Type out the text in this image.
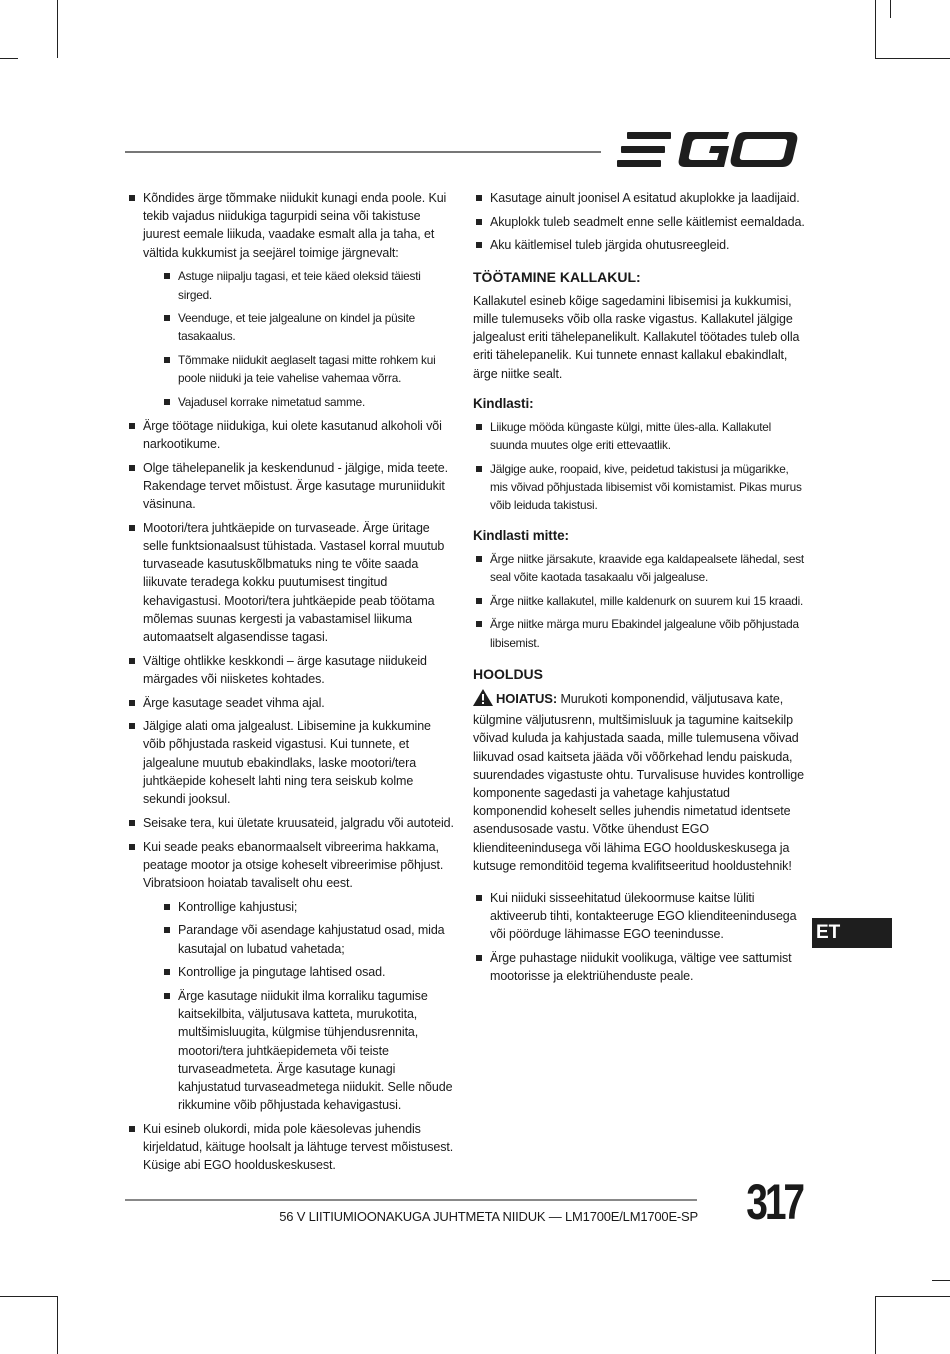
Kõndides ärge tõmmake niidukit kunagi enda poole. Kui tekib vajadus niidukiga tagurpidi seina või takistuse juurest eemale liikuda, vaadake esmalt alla ja taha, et vältida kukkumist ja seejärel toimige järgnevalt:
Astuge niipalju tagasi, et teie käed oleksid täiesti sirged.
Veenduge, et teie jalgealune on kindel ja püsite tasakaalus.
Tõmmake niidukit aeglaselt tagasi mitte rohkem kui poole niiduki ja teie vahelise vahemaa võrra.
Vajadusel korrake nimetatud samme.
Ärge töötage niidukiga, kui olete kasutanud alkoholi või narkootikume.
Olge tähelepanelik ja keskendunud - jälgige, mida teete. Rakendage tervet mõistust. Ärge kasutage muruniidukit väsinuna.
Mootori/tera juhtkäepide on turvaseade. Ärge üritage selle funktsionaalsust tühistada. Vastasel korral muutub turvaseade kasutuskõlbmatuks ning te võite saada liikuvate teradega kokku puutumisest tingitud kehavigastusi. Mootori/tera juhtkäepide peab töötama mõlemas suunas kergesti ja vabastamisel liikuma automaatselt algasendisse tagasi.
Vältige ohtlikke keskkondi – ärge kasutage niidukeid märgades või niisketes kohtades.
Ärge kasutage seadet vihma ajal.
Jälgige alati oma jalgealust. Libisemine ja kukkumine võib põhjustada raskeid vigastusi. Kui tunnete, et jalgealune muutub ebakindlaks, laske mootori/tera juhtkäepide koheselt lahti ning tera seiskub kolme sekundi jooksul.
Seisake tera, kui ületate kruusateid, jalgradu või autoteid.
Kui seade peaks ebanormaalselt vibreerima hakkama, peatage mootor ja otsige koheselt vibreerimise põhjust. Vibratsioon hoiatab tavaliselt ohu eest.
Kontrollige kahjustusi;
Parandage või asendage kahjustatud osad, mida kasutajal on lubatud vahetada;
Kontrollige ja pingutage lahtised osad.
Ärge kasutage niidukit ilma korraliku tagumise kaitsekilbita, väljutusava katteta, murukotita, multšimisluugita, külgmise tühjendusrennita, mootori/tera juhtkäepidemeta või teiste turvaseadmeteta. Ärge kasutage kunagi kahjustatud turvaseadmetega niidukit. Selle nõude rikkumine võib põhjustada kehavigastusi.
Kui esineb olukordi, mida pole käesolevas juhendis kirjeldatud, käituge hoolsalt ja lähtuge tervest mõistusest. Küsige abi EGO hoolduskeskusest.
Kasutage ainult joonisel A esitatud akuplokke ja laadijaid.
Akuplokk tuleb seadmelt enne selle käitlemist eemaldada.
Aku käitlemisel tuleb järgida ohutusreegleid.
TÖÖTAMINE KALLAKUL:

Kallakutel esineb kõige sagedamini libisemisi ja kukkumisi, mille tulemuseks võib olla raske vigastus. Kallakutel jälgige jalgealust eriti tähelepanelikult. Kallakutel töötades tuleb olla eriti tähelepanelik. Kui tunnete ennast kallakul ebakindlalt, ärge niitke sealt.

Kindlasti:
Liikuge mööda küngaste külgi, mitte üles-alla. Kallakutel suunda muutes olge eriti ettevaatlik.
Jälgige auke, roopaid, kive, peidetud takistusi ja mügarikke, mis võivad põhjustada libisemist või komistamist. Pikas murus võib leiduda takistusi.
Kindlasti mitte:
Ärge niitke järsakute, kraavide ega kaldapealsete lähedal, sest seal võite kaotada tasakaalu või jalgealuse.
Ärge niitke kallakutel, mille kaldenurk on suurem kui 15 kraadi.
Ärge niitke märga muru Ebakindel jalgealune võib põhjustada libisemist.
HOOLDUS

HOIATUS: Murukoti komponendid, väljutusava kate, külgmine väljutusrenn, multšimisluuk ja tagumine kaitsekilp võivad kuluda ja kahjustada saada, mille tulemusena võivad liikuvad osad kaitseta jääda või võõrkehad lendu paiskuda, suurendades vigastuste ohtu. Turvalisuse huvides kontrollige komponente sagedasti ja vahetage kahjustatud komponendid koheselt selles juhendis nimetatud identsete asendusosade vastu. Võtke ühendust EGO klienditeenindusega või lähima EGO hoolduskeskusega ja kutsuge remonditöid tegema kvalifitseeritud hooldustehnik!

Kui niiduki sisseehitatud ülekoormuse kaitse lüliti aktiveerub tihti, kontakteeruge EGO klienditeenindusega või pöörduge lähimasse EGO teenindusse.
Ärge puhastage niidukit voolikuga, vältige vee sattumist mootorisse ja elektriühenduste peale.
ET
56 V LIITIUMIOONAKUGA JUHTMETA NIIDUK — LM1700E/LM1700E-SP 317
